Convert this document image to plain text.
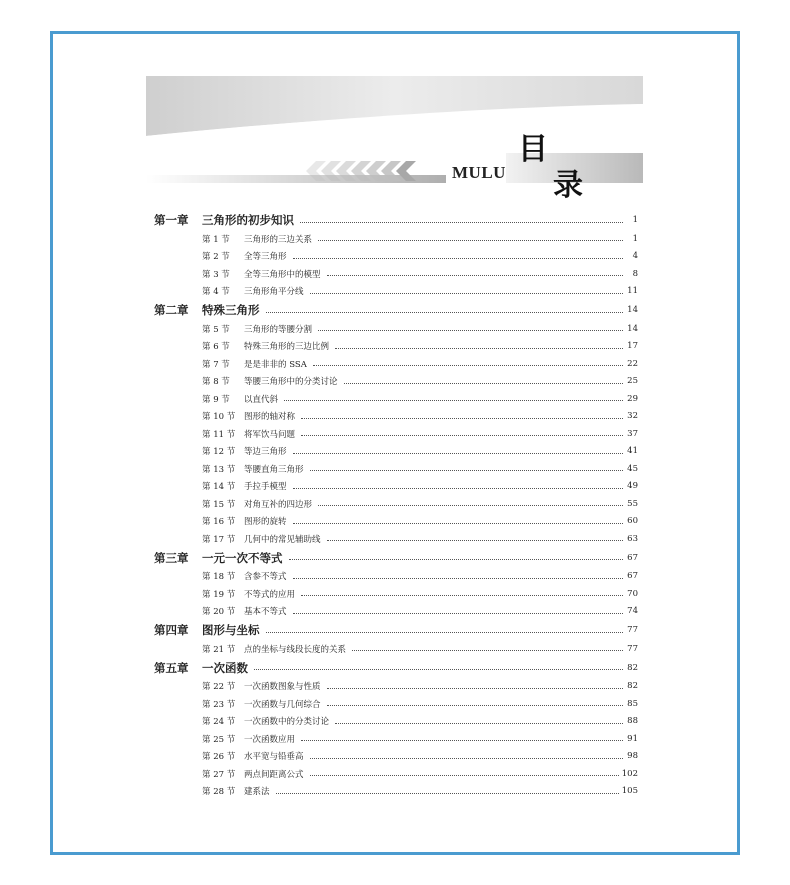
MULU
目
录
第一章	三角形的初步知识	1
第 1 节	三角形的三边关系	1
第 2 节	全等三角形	4
第 3 节	全等三角形中的模型	8
第 4 节	三角形角平分线	11
第二章	特殊三角形	14
第 5 节	三角形的等腰分割	14
第 6 节	特殊三角形的三边比例	17
第 7 节	是是非非的 SSA	22
第 8 节	等腰三角形中的分类讨论	25
第 9 节	以直代斜	29
第 10 节	图形的轴对称	32
第 11 节	将军饮马问题	37
第 12 节	等边三角形	41
第 13 节	等腰直角三角形	45
第 14 节	手拉手模型	49
第 15 节	对角互补的四边形	55
第 16 节	图形的旋转	60
第 17 节	几何中的常见辅助线	63
第三章	一元一次不等式	67
第 18 节	含参不等式	67
第 19 节	不等式的应用	70
第 20 节	基本不等式	74
第四章	图形与坐标	77
第 21 节	点的坐标与线段长度的关系	77
第五章	一次函数	82
第 22 节	一次函数图象与性质	82
第 23 节	一次函数与几何综合	85
第 24 节	一次函数中的分类讨论	88
第 25 节	一次函数应用	91
第 26 节	水平宽与铅垂高	98
第 27 节	两点间距离公式	102
第 28 节	建系法	105
